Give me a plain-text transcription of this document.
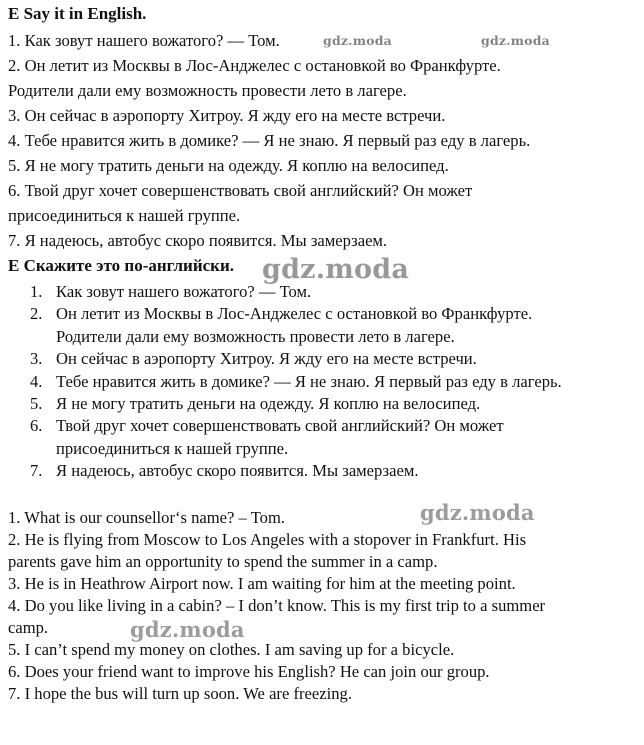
E Say it in English.
1. Как зовут нашего вожатого? — Том.
2. Он летит из Москвы в Лос-Анджелес с остановкой во Франкфурте.
Родители дали ему возможность провести лето в лагере.
3. Он сейчас в аэропорту Хитроу. Я жду его на месте встречи.
4. Тебе нравится жить в домике? — Я не знаю. Я первый раз еду в лагерь.
5. Я не могу тратить деньги на одежду. Я коплю на велосипед.
6. Твой друг хочет совершенствовать свой английский? Он может
присоединиться к нашей группе.
7. Я надеюсь, автобус скоро появится. Мы замерзаем.
E Скажите это по-английски.
1. Как зовут нашего вожатого? — Том.
2. Он летит из Москвы в Лос-Анджелес с остановкой во Франкфурте.
Родители дали ему возможность провести лето в лагере.
3. Он сейчас в аэропорту Хитроу. Я жду его на месте встречи.
4. Тебе нравится жить в домике? — Я не знаю. Я первый раз еду в лагерь.
5. Я не могу тратить деньги на одежду. Я коплю на велосипед.
6. Твой друг хочет совершенствовать свой английский? Он может
присоединиться к нашей группе.
7. Я надеюсь, автобус скоро появится. Мы замерзаем.
1. What is our counsellor‘s name? – Tom.
2. He is flying from Moscow to Los Angeles with a stopover in Frankfurt. His
parents gave him an opportunity to spend the summer in a camp.
3. He is in Heathrow Airport now. I am waiting for him at the meeting point.
4. Do you like living in a cabin? – I don’t know. This is my first trip to a summer
camp.
5. I can’t spend my money on clothes. I am saving up for a bicycle.
6. Does your friend want to improve his English? He can join our group.
7. I hope the bus will turn up soon. We are freezing.
gdz.moda	gdz.moda
gdz.moda
gdz.moda
gdz.moda
